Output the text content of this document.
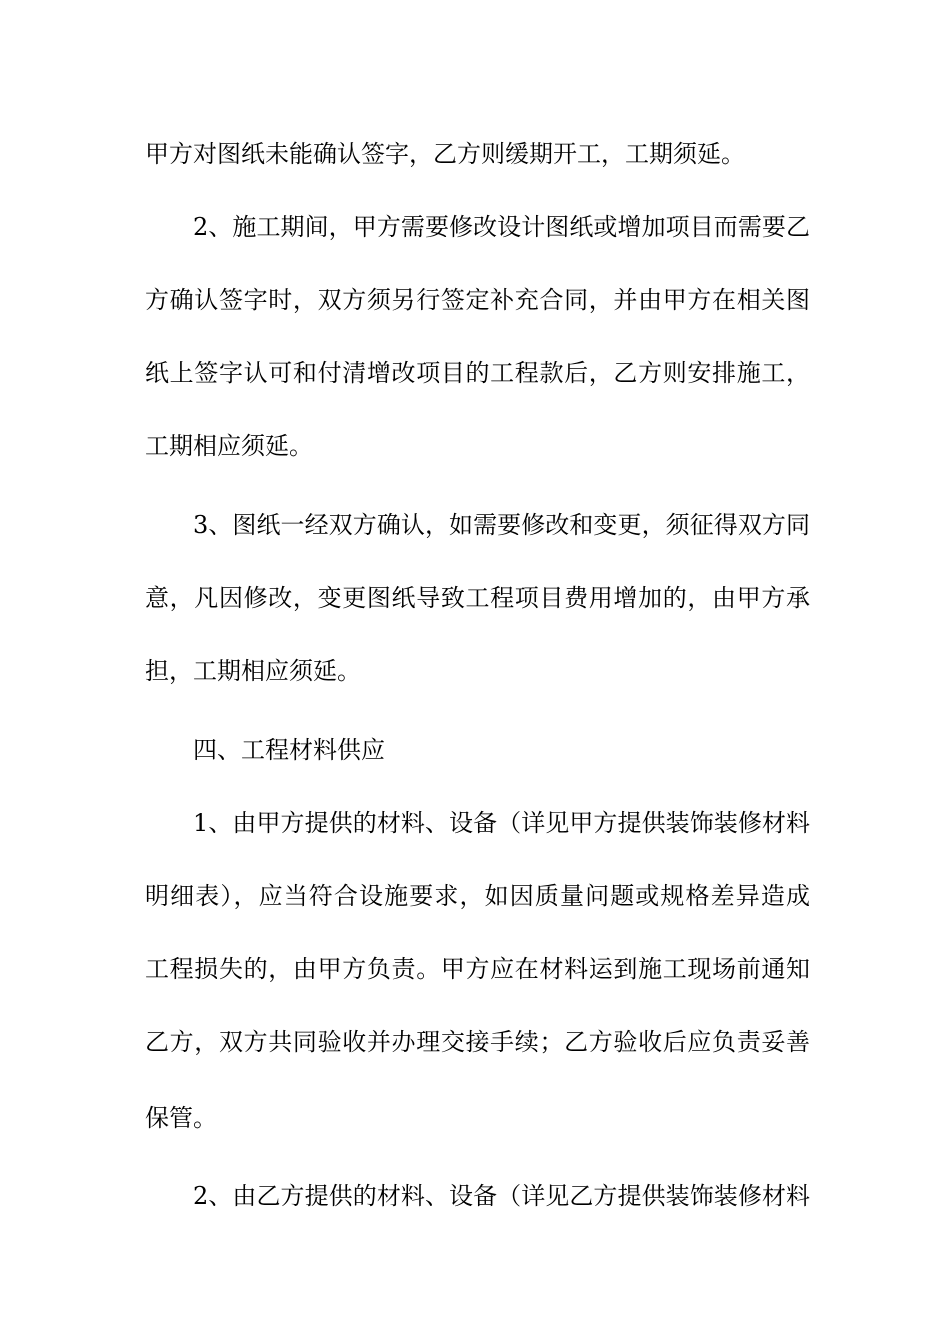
甲方对图纸未能确认签字，乙方则缓期开工，工期须延。
2、施工期间，甲方需要修改设计图纸或增加项目而需要乙
方确认签字时，双方须另行签定补充合同，并由甲方在相关图
纸上签字认可和付清增改项目的工程款后，乙方则安排施工，
工期相应须延。
3、图纸一经双方确认，如需要修改和变更，须征得双方同
意，凡因修改，变更图纸导致工程项目费用增加的，由甲方承
担，工期相应须延。
四、工程材料供应
1、由甲方提供的材料、设备（详见甲方提供装饰装修材料
明细表），应当符合设施要求，如因质量问题或规格差异造成
工程损失的，由甲方负责。甲方应在材料运到施工现场前通知
乙方，双方共同验收并办理交接手续；乙方验收后应负责妥善
保管。
2、由乙方提供的材料、设备（详见乙方提供装饰装修材料
